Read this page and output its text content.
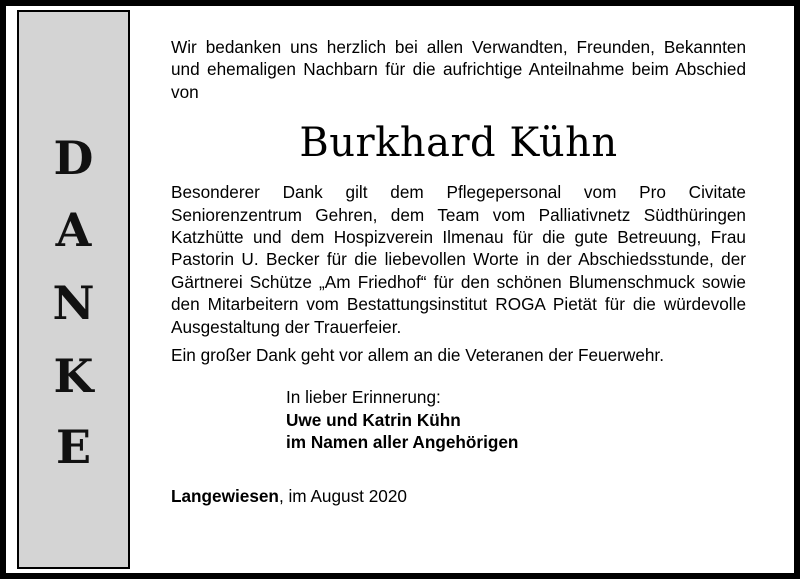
D
A
N
K
E

Wir bedanken uns herzlich bei allen Verwandten, Freunden, Bekannten und ehemaligen Nachbarn für die aufrichtige Anteilnahme beim Abschied von

Burkhard Kühn

Besonderer Dank gilt dem Pflegepersonal vom Pro Civitate Seniorenzentrum Gehren, dem Team vom Palliativnetz Südthüringen Katzhütte und dem Hospizverein Ilmenau für die gute Betreuung, Frau Pastorin U. Becker für die liebevollen Worte in der Abschiedsstunde, der Gärtnerei Schütze „Am Friedhof“ für den schönen Blumenschmuck sowie den Mitarbeitern vom Bestattungsinstitut ROGA Pietät für die würdevolle Ausgestaltung der Trauerfeier.

Ein großer Dank geht vor allem an die Veteranen der Feuerwehr.

In lieber Erinnerung:
Uwe und Katrin Kühn
im Namen aller Angehörigen
Langewiesen, im August 2020
